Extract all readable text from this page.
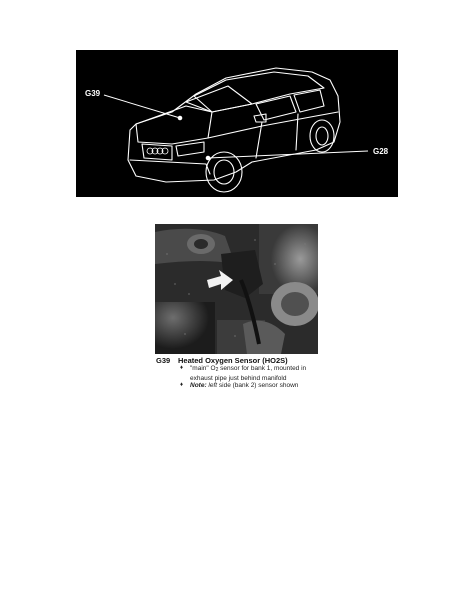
G39
G28
G39	Heated Oxygen Sensor (HO2S)
♦ "main" $O_2$ sensor for bank 1, mounted in
exhaust pipe just behind manifold
♦ Note: left side (bank 2) sensor shown
